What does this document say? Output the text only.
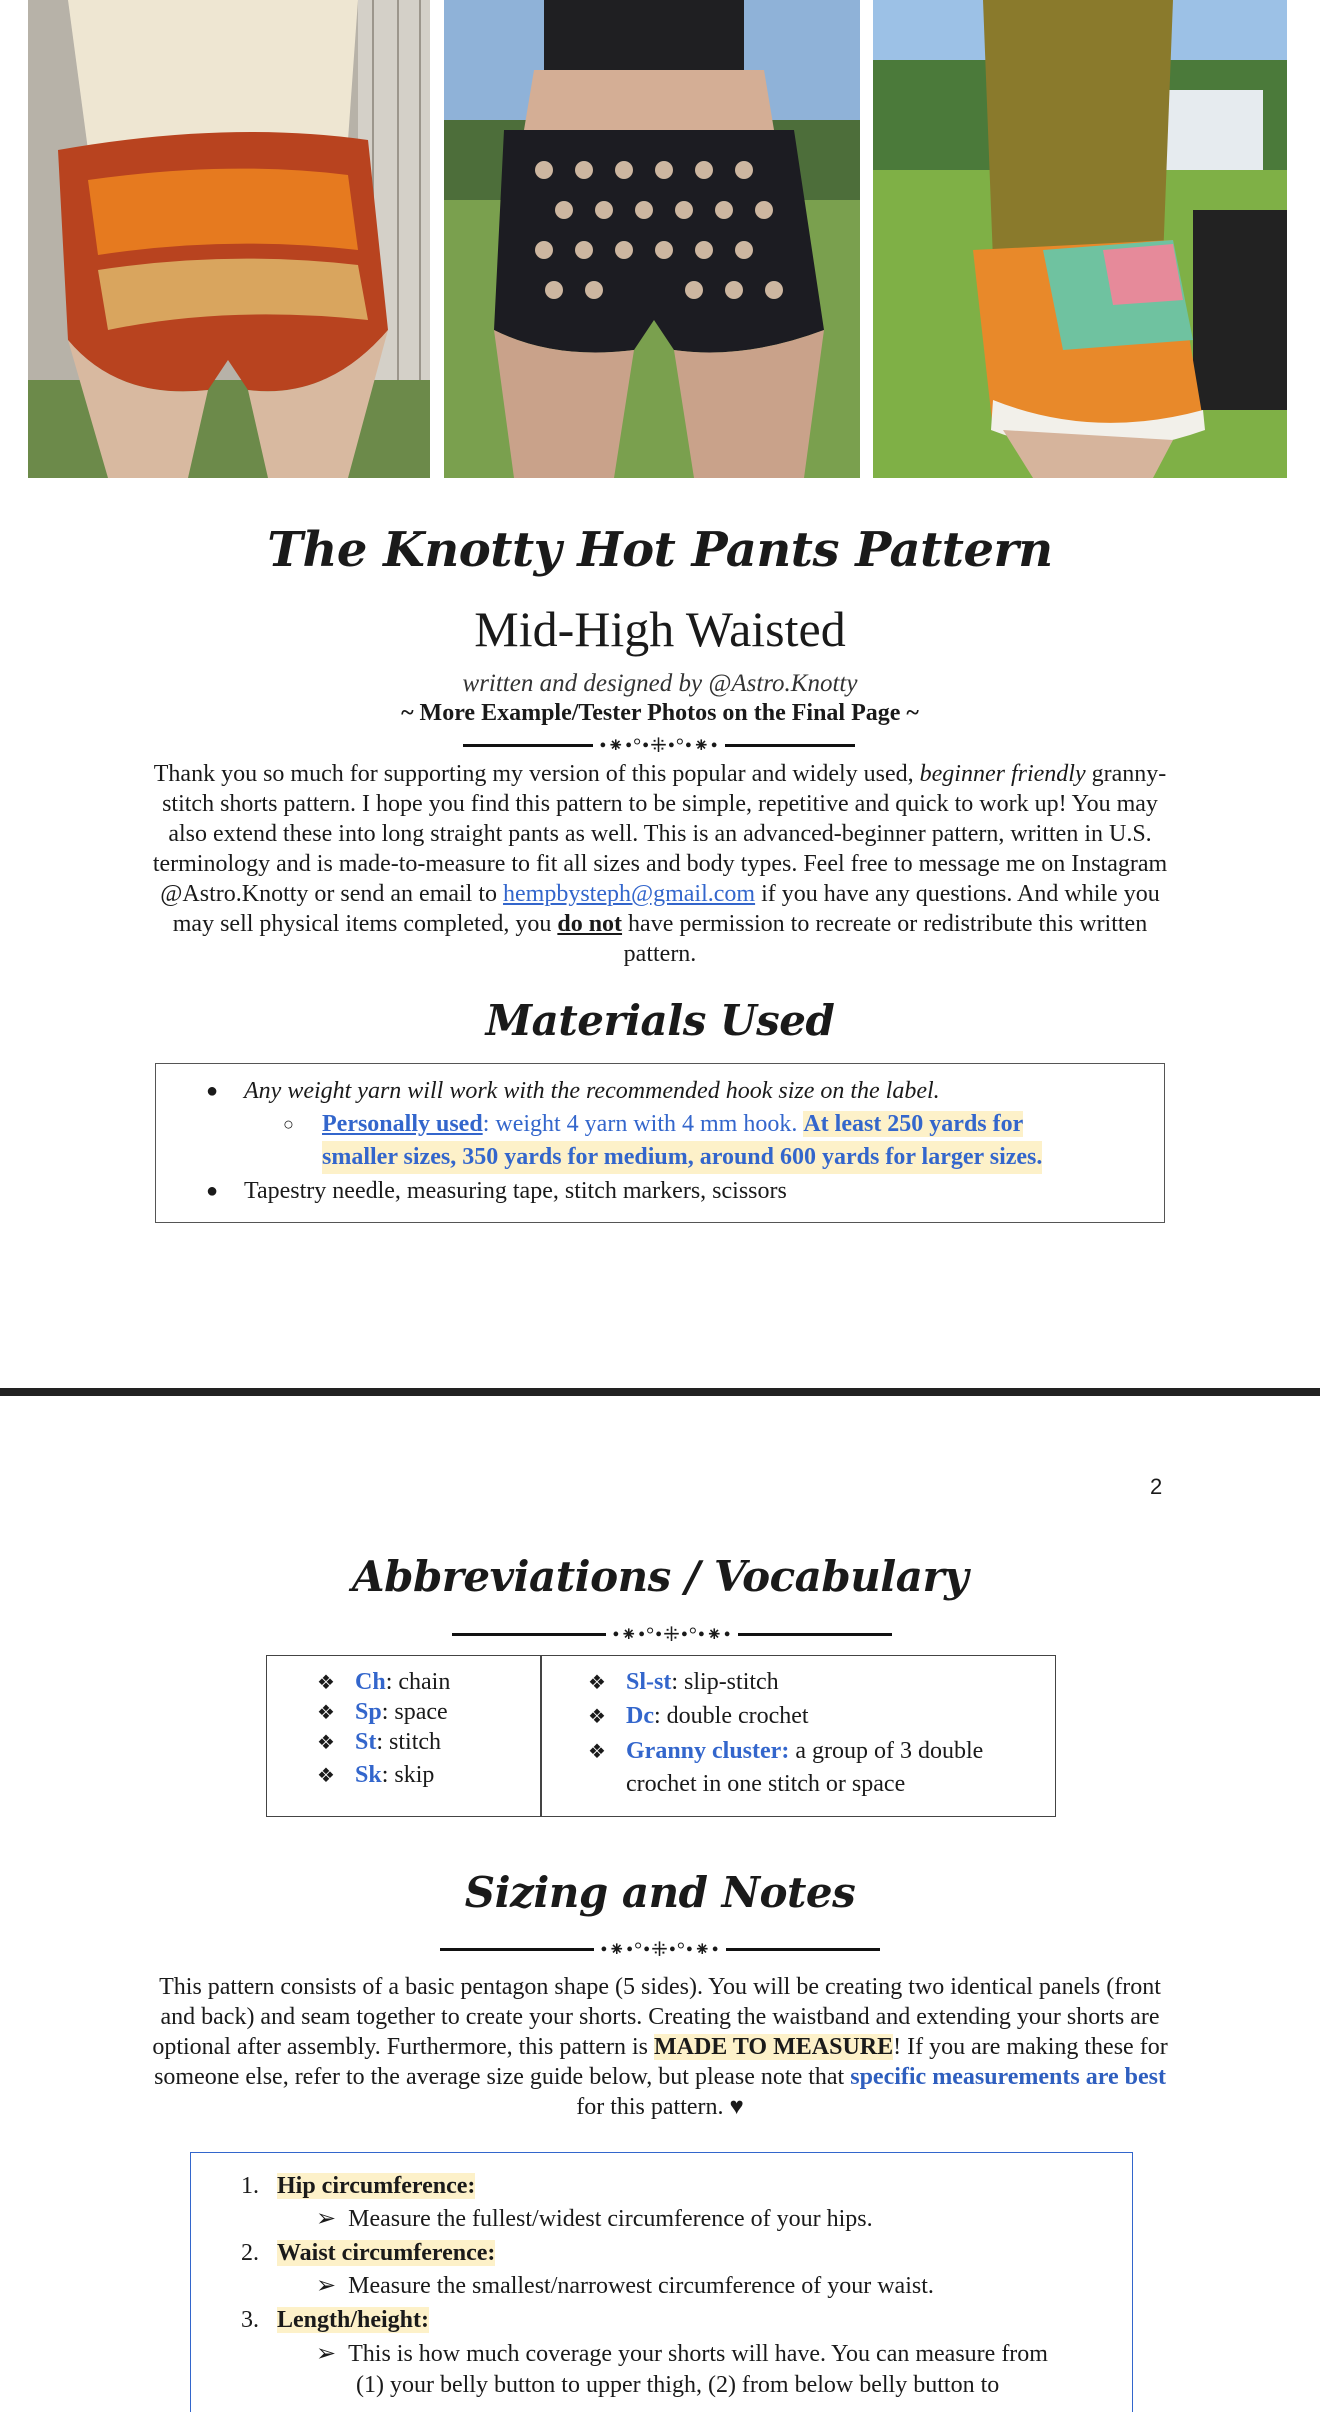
The Knotty Hot Pants Pattern
Mid-High Waisted
written and designed by @Astro.Knotty
~ More Example/Tester Photos on the Final Page ~
•⁕•°•⁜•°•⁕•
Thank you so much for supporting my version of this popular and widely used, beginner friendly granny-stitch shorts pattern. I hope you find this pattern to be simple, repetitive and quick to work up! You may also extend these into long straight pants as well. This is an advanced-beginner pattern, written in U.S. terminology and is made-to-measure to fit all sizes and body types. Feel free to message me on Instagram @Astro.Knotty or send an email to hempbysteph@gmail.com if you have any questions. And while you may sell physical items completed, you do not have permission to recreate or redistribute this written pattern.
Materials Used
● Any weight yarn will work with the recommended hook size on the label.
○ Personally used: weight 4 yarn with 4 mm hook. At least 250 yards for
smaller sizes, 350 yards for medium, around 600 yards for larger sizes.
● Tapestry needle, measuring tape, stitch markers, scissors
2
Abbreviations / Vocabulary
•⁕•°•⁜•°•⁕•
❖ Ch: chain
❖ Sp: space
❖ St: stitch
❖ Sk: skip
❖ Sl-st: slip-stitch
❖ Dc: double crochet
❖ Granny cluster: a group of 3 double
crochet in one stitch or space
Sizing and Notes
•⁕•°•⁜•°•⁕•
This pattern consists of a basic pentagon shape (5 sides). You will be creating two identical panels (front and back) and seam together to create your shorts. Creating the waistband and extending your shorts are optional after assembly. Furthermore, this pattern is MADE TO MEASURE! If you are making these for someone else, refer to the average size guide below, but please note that specific measurements are best for this pattern. ♥
1. Hip circumference:
➢ Measure the fullest/widest circumference of your hips.
2. Waist circumference:
➢ Measure the smallest/narrowest circumference of your waist.
3. Length/height:
➢ This is how much coverage your shorts will have. You can measure from
(1) your belly button to upper thigh, (2) from below belly button to
